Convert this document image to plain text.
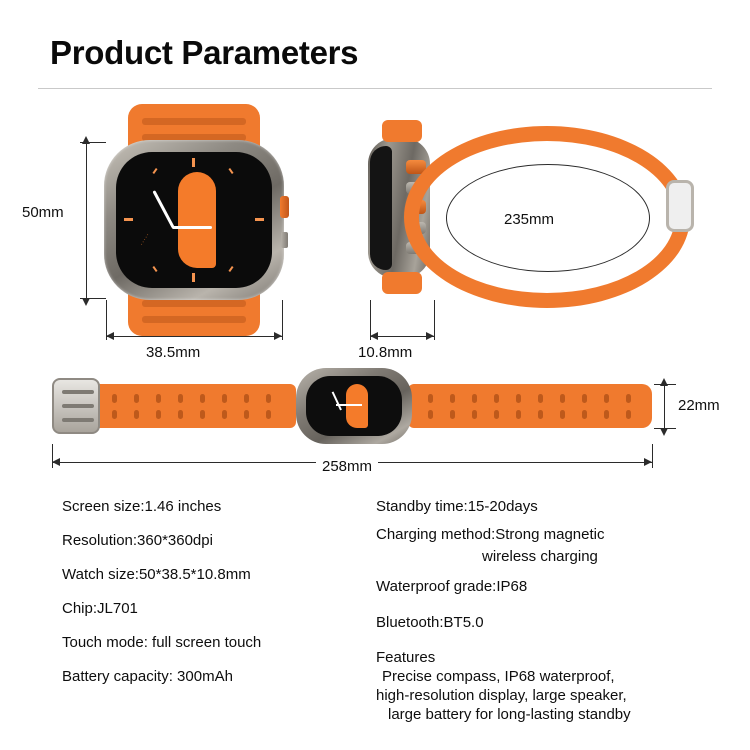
Product Parameters
·····
50mm
38.5mm
235mm
10.8mm
22mm
258mm
Screen size:1.46 inches
Resolution:360*360dpi
Watch size:50*38.5*10.8mm
Chip:JL701
Touch mode: full screen touch
Battery capacity: 300mAh
Standby time:15-20days
Charging method:Strong magnetic
wireless charging
Waterproof grade:IP68
Bluetooth:BT5.0
Features
Precise compass, IP68 waterproof,
high-resolution display, large speaker,
large battery for long-lasting standby
